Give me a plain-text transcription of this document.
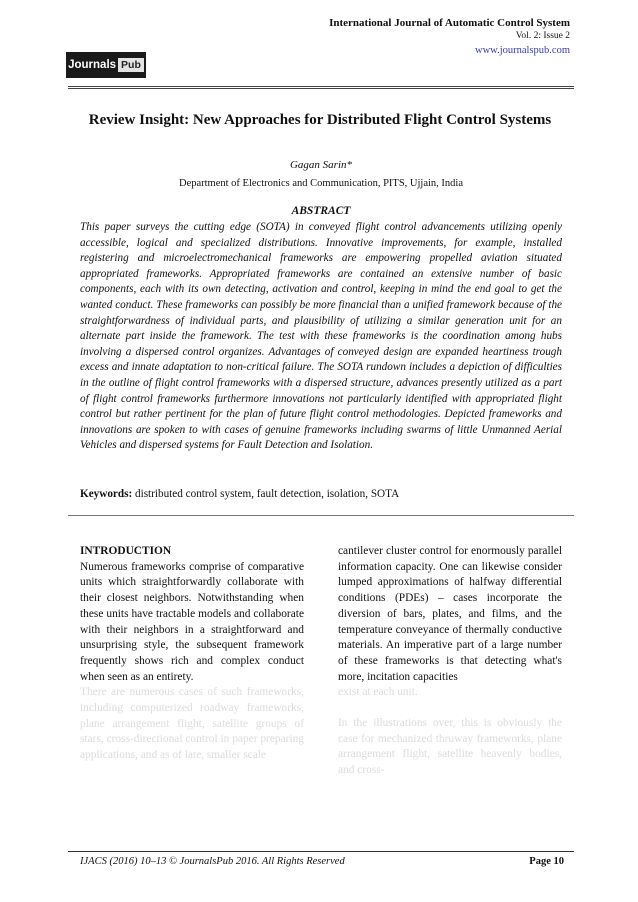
International Journal of Automatic Control System
Vol. 2: Issue 2
www.journalspub.com
Journals Pub
Review Insight: New Approaches for Distributed Flight Control Systems
Gagan Sarin*
Department of Electronics and Communication, PITS, Ujjain, India
ABSTRACT

This paper surveys the cutting edge (SOTA) in conveyed flight control advancements utilizing openly accessible, logical and specialized distributions. Innovative improvements, for example, installed registering and microelectromechanical frameworks are empowering propelled aviation situated appropriated frameworks. Appropriated frameworks are contained an extensive number of basic components, each with its own detecting, activation and control, keeping in mind the end goal to get the wanted conduct. These frameworks can possibly be more financial than a unified framework because of the straightforwardness of individual parts, and plausibility of utilizing a similar generation unit for an alternate part inside the framework. The test with these frameworks is the coordination among hubs involving a dispersed control organizes. Advantages of conveyed design are expanded heartiness trough excess and innate adaptation to non-critical failure. The SOTA rundown includes a depiction of difficulties in the outline of flight control frameworks with a dispersed structure, advances presently utilized as a part of flight control frameworks furthermore innovations not particularly identified with appropriated flight control but rather pertinent for the plan of future flight control methodologies. Depicted frameworks and innovations are spoken to with cases of genuine frameworks including swarms of little Unmanned Aerial Vehicles and dispersed systems for Fault Detection and Isolation.

Keywords: distributed control system, fault detection, isolation, SOTA
INTRODUCTION

Numerous frameworks comprise of comparative units which straightforwardly collaborate with their closest neighbors. Notwithstanding when these units have tractable models and collaborate with their neighbors in a straightforward and unsurprising style, the subsequent framework frequently shows rich and complex conduct when seen as an entirety.

There are numerous cases of such frameworks, including computerized roadway frameworks, plane arrangement flight, satellite groups of stars, cross-directional control in paper preparing applications, and as of late, smaller scale

cantilever cluster control for enormously parallel information capacity. One can likewise consider lumped approximations of halfway differential conditions (PDEs) – cases incorporate the diversion of bars, plates, and films, and the temperature conveyance of thermally conductive materials. An imperative part of a large number of these frameworks is that detecting what's more, incitation capacities

exist at each unit.

In the illustrations over, this is obviously the case for mechanized thruway frameworks, plane arrangement flight, satellite heavenly bodies, and cross-

IJACS (2016) 10–13 © JournalsPub 2016. All Rights Reserved	Page 10
